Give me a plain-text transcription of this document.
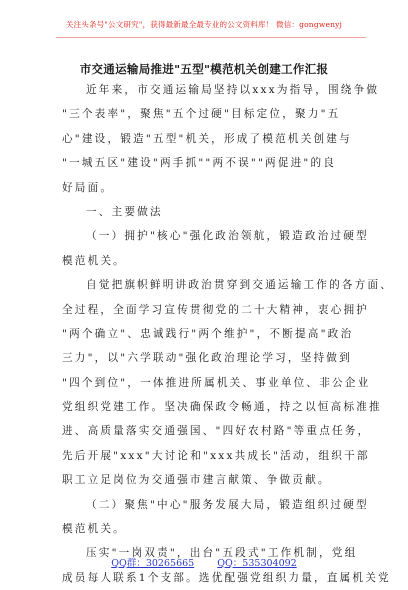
关注头条号"公文研究"，获得最新最全最专业的公文资料库！ 微信：gongwenyj
市交通运输局推进"五型"模范机关创建工作汇报
近年来，市交通运输局坚持以xxx为指导，围绕争做
"三个表率"，聚焦"五个过硬"目标定位，聚力"五
心"建设，锻造"五型"机关，形成了模范机关创建与
"一城五区"建设"两手抓""两不误""两促进"的良
好局面。
一、主要做法
（一）拥护"核心"强化政治领航，锻造政治过硬型
模范机关。
自觉把旗帜鲜明讲政治贯穿到交通运输工作的各方面、
全过程，全面学习宣传贯彻党的二十大精神，衷心拥护
"两个确立"、忠诚践行"两个维护"，不断提高"政治
三力"，以"六学联动"强化政治理论学习，坚持做到
"四个到位"，一体推进所属机关、事业单位、非公企业
党组织党建工作。坚决确保政令畅通，持之以恒高标准推
进、高质量落实交通强国、"四好农村路"等重点任务，
先后开展"xxx"大讨论和"xxx共成长"活动，组织干部
职工立足岗位为交通强市建言献策、争做贡献。
（二）聚焦"中心"服务发展大局，锻造组织过硬型
模范机关。
压实"一岗双责"，出台"五段式"工作机制，党组
成员每人联系1个支部。选优配强党组织力量，直属机关党
QQ群：30265665 QQ：535304092
